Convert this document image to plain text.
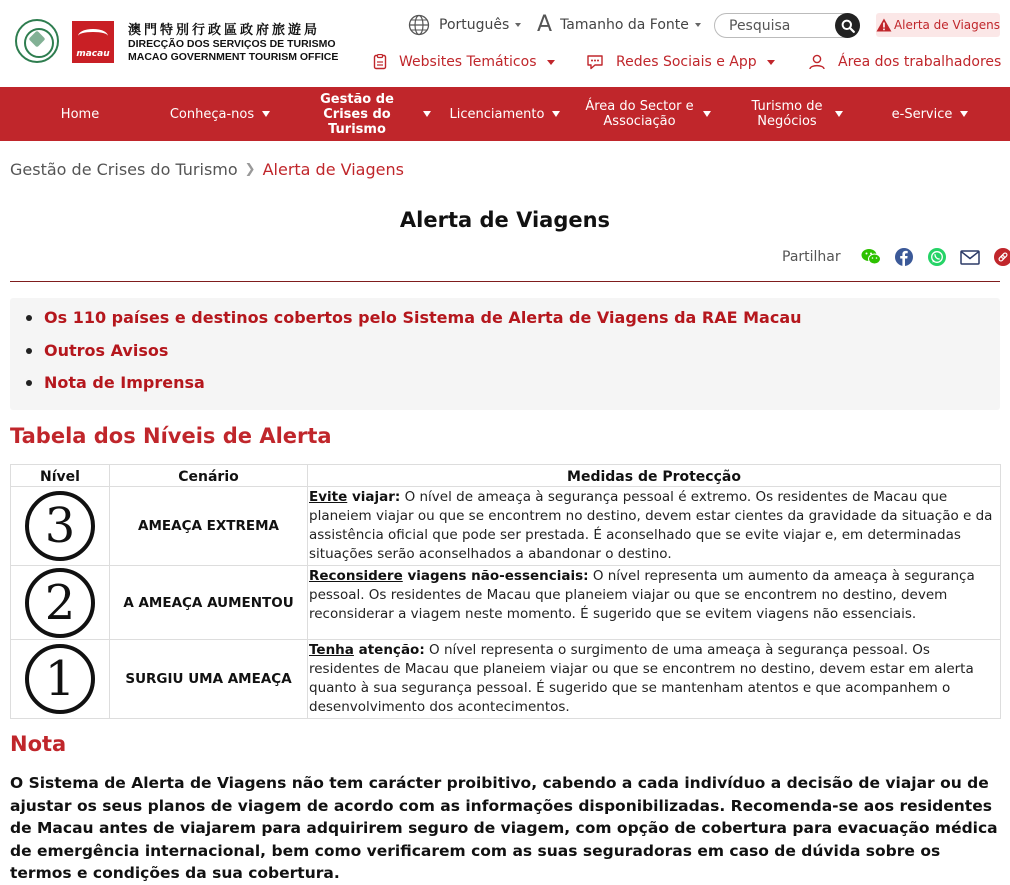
macau
澳門特別行政區政府旅遊局
DIRECÇÃO DOS SERVIÇOS DE TURISMO
MACAO GOVERNMENT TOURISM OFFICE
Português A Tamanho da Fonte
Pesquisa	Alerta de Viagens
Websites Temáticos	Redes Sociais e App	Área dos trabalhadores
Home	Conheça-nos
Gestão de Crises do Turismo
Licenciamento	Área do Sector e Associação
Turismo de Negócios	e-Service
Gestão de Crises do Turismo ❯ Alerta de Viagens
Alerta de Viagens
Partilhar
Os 110 países e destinos cobertos pelo Sistema de Alerta de Viagens da RAE Macau
Outros Avisos
Nota de Imprensa
Tabela dos Níveis de Alerta
Nível	Cenário	Medidas de Protecção
3	AMEAÇA EXTREMA	Evite viajar: O nível de ameaça à segurança pessoal é extremo. Os residentes de Macau que planeiem viajar ou que se encontrem no destino, devem estar cientes da gravidade da situação e da assistência oficial que pode ser prestada. É aconselhado que se evite viajar e, em determinadas situações serão aconselhados a abandonar o destino.
2	A AMEAÇA AUMENTOU	Reconsidere viagens não-essenciais: O nível representa um aumento da ameaça à segurança pessoal. Os residentes de Macau que planeiem viajar ou que se encontrem no destino, devem reconsiderar a viagem neste momento. É sugerido que se evitem viagens não essenciais.
1	SURGIU UMA AMEAÇA	Tenha atenção: O nível representa o surgimento de uma ameaça à segurança pessoal. Os residentes de Macau que planeiem viajar ou que se encontrem no destino, devem estar em alerta quanto à sua segurança pessoal. É sugerido que se mantenham atentos e que acompanhem o desenvolvimento dos acontecimentos.
Nota
O Sistema de Alerta de Viagens não tem carácter proibitivo, cabendo a cada indivíduo a decisão de viajar ou de ajustar os seus planos de viagem de acordo com as informações disponibilizadas. Recomenda-se aos residentes de Macau antes de viajarem para adquirirem seguro de viagem, com opção de cobertura para evacuação médica de emergência internacional, bem como verificarem com as suas seguradoras em caso de dúvida sobre os termos e condições da sua cobertura.
